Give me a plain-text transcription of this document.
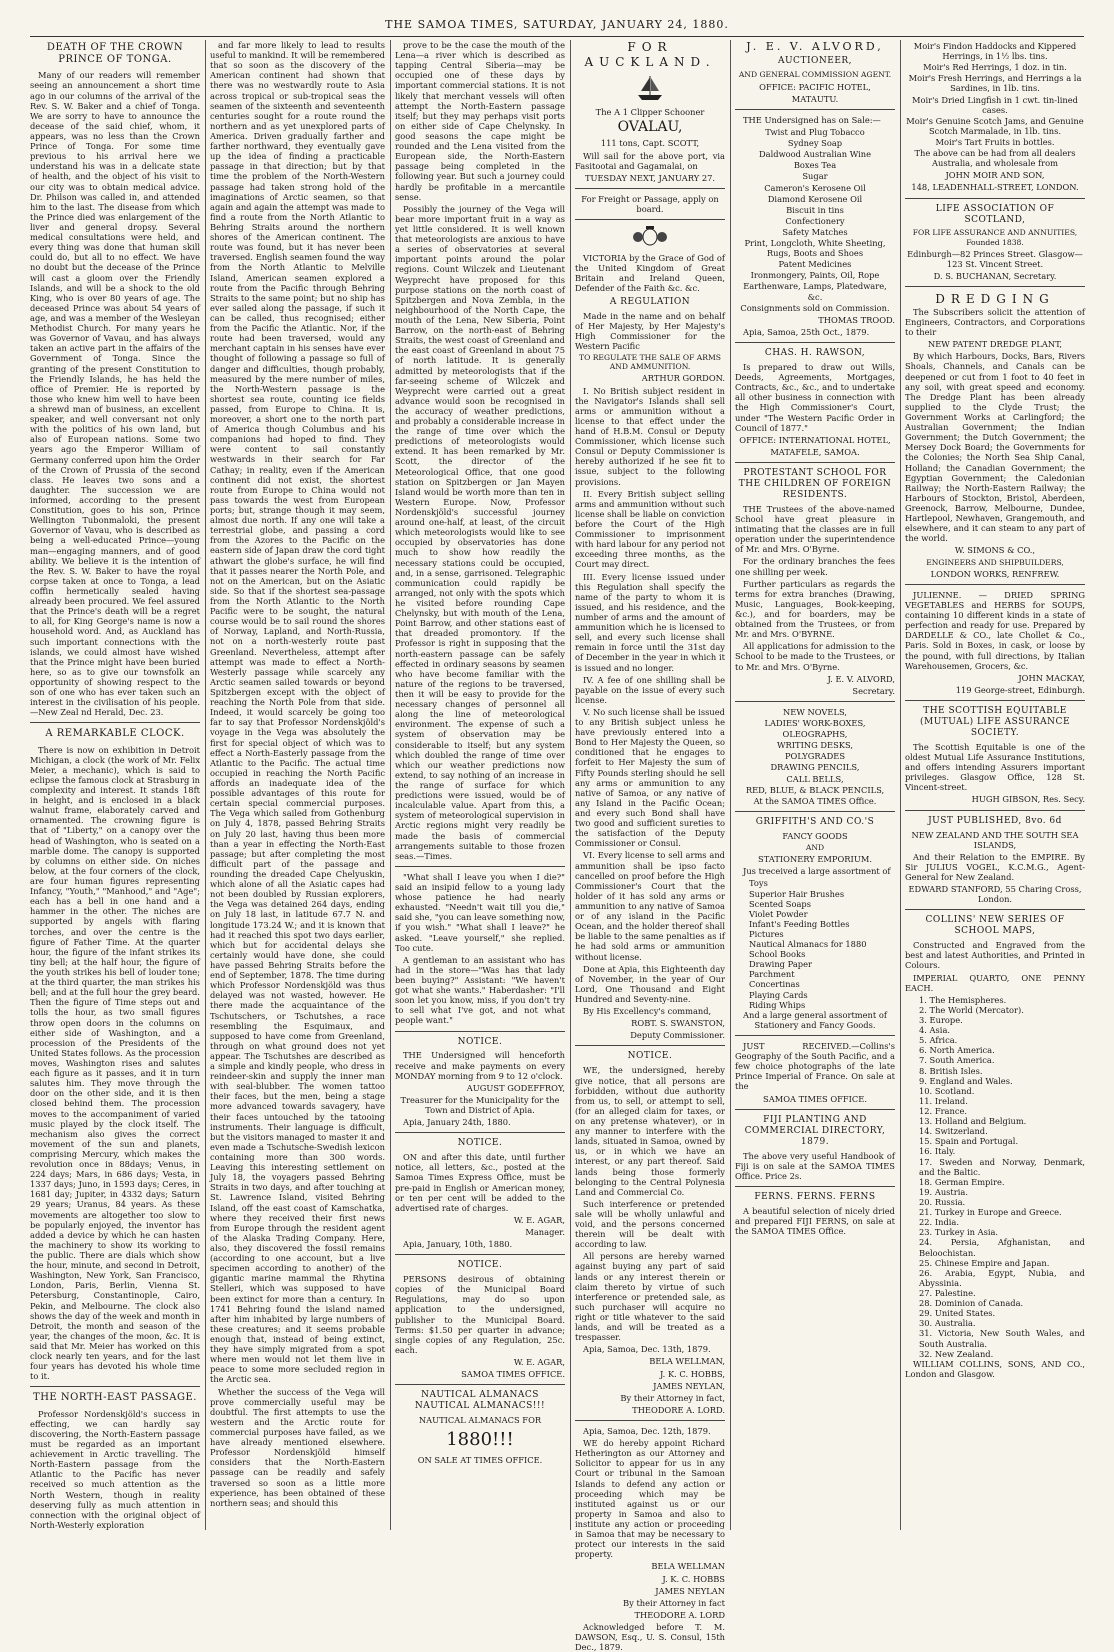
THE SAMOA TIMES, SATURDAY, JANUARY 24, 1880.
DEATH OF THE CROWN PRINCE OF TONGA.

Many of our readers will remember seeing an announcement a short time ago in our columns of the arrival of the Rev. S. W. Baker and a chief of Tonga. We are sorry to have to announce the decease of the said chief, whom, it appears, was no less than the Crown Prince of Tonga. For some time previous to his arrival here we understand his was in a delicate state of health, and the object of his visit to our city was to obtain medical advice. Dr. Philson was called in, and attended him to the last. The disease from which the Prince died was enlargement of the liver and general dropsy. Several medical consultations were held, and every thing was done that human skill could do, but all to no effect. We have no doubt but the decease of the Prince will cast a gloom over the Friendly Islands, and will be a shock to the old King, who is over 80 years of age. The deceased Prince was about 54 years of age, and was a member of the Wesleyan Methodist Church. For many years he was Governor of Vavau, and has always taken an active part in the affairs of the Government of Tonga. Since the granting of the present Constitution to the Friendly Islands, he has held the office of Premier. He is reported by those who knew him well to have been a shrewd man of business, an excellent speaker, and well conversant not only with the politics of his own land, but also of European nations. Some two years ago the Emperor William of Germany conferred upon him the Order of the Crown of Prussia of the second class. He leaves two sons and a daughter. The succession we are informed, according to the present Constitution, goes to his son, Prince Wellington Tubonmaloki, the present Governor of Vavau, who is described as being a well-educated Prince—young man—engaging manners, and of good ability. We believe it is the intention of the Rev. S. W. Baker to have the royal corpse taken at once to Tonga, a lead coffin hermetically sealed having already been procured. We feel assured that the Prince's death will be a regret to all, for King George's name is now a household word. And, as Auckland has such important connections with the islands, we could almost have wished that the Prince might have been buried here, so as to give our townsfolk an opportunity of showing respect to the son of one who has ever taken such an interest in the civilisation of his people.—New Zeal nd Herald, Dec. 23.

A REMARKABLE CLOCK.

There is now on exhibition in Detroit Michigan, a clock (the work of Mr. Felix Meier, a mechanic), which is said to eclipse the famous clock at Strasburg in complexity and interest. It stands 18ft in height, and is enclosed in a black walnut frame, elaborately carved and ornamented. The crowning figure is that of "Liberty," on a canopy over the head of Washington, who is seated on a marble dome. The canopy is supported by columns on either side. On niches below, at the four corners of the clock, are four human figures representing Infancy, "Youth," "Manhood," and "Age"; each has a bell in one hand and a hammer in the other. The niches are supported by angels with flaring torches, and over the centre is the figure of Father Time. At the quarter hour, the figure of the infant strikes its tiny bell; at the half hour, the figure of the youth strikes his bell of louder tone; at the third quarter, the man strikes his bell; and at the full hour the grey beard. Then the figure of Time steps out and tolls the hour, as two small figures throw open doors in the columns on either side of Washington, and a procession of the Presidents of the United States follows. As the procession moves, Washington rises and salutes each figure as it passes, and it in turn salutes him. They move through the door on the other side, and it is then closed behind them. The procession moves to the accompaniment of varied music played by the clock itself. The mechanism also gives the correct movement of the sun and planets, comprising Mercury, which makes the revolution once in 88days; Venus, in 224 days; Mars, in 686 days; Vesta, in 1337 days; Juno, in 1593 days; Ceres, in 1681 day; Jupiter, in 4332 days; Saturn 29 years; Uranus, 84 years. As these movements are altogether too slow to be popularly enjoyed, the inventor has added a device by which he can hasten the machinery to show its working to the public. There are dials which show the hour, minute, and second in Detroit, Washington, New York, San Francisco, London, Paris, Berlin, Vienna St. Petersburg, Constantinople, Cairo, Pekin, and Melbourne. The clock also shows the day of the week and month in Detroit, the month and season of the year, the changes of the moon, &c. It is said that Mr. Meier has worked on this clock nearly ten years, and for the last four years has devoted his whole time to it.

THE NORTH-EAST PASSAGE.

Professor Nordenskjöld's success in effecting, we can hardly say discovering, the North-Eastern passage must be regarded as an important achievement in Arctic travelling. The North-Eastern passage from the Atlantic to the Pacific has never received so much attention as the North Western, though in reality deserving fully as much attention in connection with the original object of North-Westerly exploration

and far more likely to lead to results useful to mankind. It will be remembered that so soon as the discovery of the American continent had shown that there was no westwardly route to Asia across tropical or sub-tropical seas the seamen of the sixteenth and seventeenth centuries sought for a route round the northern and as yet unexplored parts of America. Driven gradually farther and farther northward, they eventually gave up the idea of finding a practicable passage in that direction; but by that time the problem of the North-Western passage had taken strong hold of the imaginations of Arctic seamen, so that again and again the attempt was made to find a route from the North Atlantic to Behring Straits around the northern shores of the American continent. The route was found, but it has never been traversed. English seamen found the way from the North Atlantic to Melville Island, American seamen explored a route from the Pacific through Behring Straits to the same point; but no ship has ever sailed along the passage, if such it can be called, thus recognised; either from the Pacific the Atlantic. Nor, if the route had been traversed, would any merchant captain in his senses have ever thought of following a passage so full of danger and difficulties, though probably, measured by the mere number of miles, the North-Western passage is the shortest sea route, counting ice fields passed, from Europe to China. It is, moreover, a short one to the north part of America though Columbus and his companions had hoped to find. They were content to sail constantly westwards in their search for Far Cathay; in reality, even if the American continent did not exist, the shortest route from Europe to China would not pass towards the west from European ports; but, strange though it may seem, almost due north. If any one will take a terrestrial globe, and passing a cord from the Azores to the Pacific on the eastern side of Japan draw the cord tight athwart the globe's surface, he will find that it passes nearer the North Pole, and not on the American, but on the Asiatic side. So that if the shortest sea-passage from the North Atlantic to the North Pacific were to be sought, the natural course would be to sail round the shores of Norway, Lapland, and North-Russia, not on a north-westerly route past Greenland. Nevertheless, attempt after attempt was made to effect a North-Westerly passage while scarcely any Arctic seamen sailed towards or beyond Spitzbergen except with the object of reaching the North Pole from that side. Indeed, it would scarcely be going too far to say that Professor Nordenskjöld's voyage in the Vega was absolutely the first for special object of which was to effect a North-Easterly passage from the Atlantic to the Pacific. The actual time occupied in reaching the North Pacific affords an inadequate idea of the possible advantages of this route for certain special commercial purposes. The Vega which sailed from Gothenburg on July 4, 1878, passed Behring Straits on July 20 last, having thus been more than a year in effecting the North-East passage; but after completing the most difficult part of the passage and rounding the dreaded Cape Chelyuskin, which alone of all the Asiatic capes had not been doubled by Russian explorers, the Vega was detained 264 days, ending on July 18 last, in latitude 67.7 N. and longitude 173.24 W.; and it is known that had it reached this spot two days earlier, which but for accidental delays she certainly would have done, she could have passed Behring Straits before the end of September, 1878. The time during which Professor Nordenskjöld was thus delayed was not wasted, however. He there made the acquaintance of the Tschutschers, or Tschutshes, a race resembling the Esquimaux, and supposed to have come from Greenland, through on what ground does not yet appear. The Tschutshes are described as a simple and kindly people, who dress in reindeer-skin and supply the inner man with seal-blubber. The women tattoo their faces, but the men, being a stage more advanced towards savagery, have their faces untouched by the tatooing instruments. Their language is difficult, but the visitors managed to master it and even made a Tschutsche-Swedish lexicon containing more than 300 words. Leaving this interesting settlement on July 18, the voyagers passed Behring Straits in two days, and after touching at St. Lawrence Island, visited Behring Island, off the east coast of Kamschatka, where they received their first news from Europe through the resident agent of the Alaska Trading Company. Here, also, they discovered the fossil remains (according to one account, but a live specimen according to another) of the gigantic marine mammal the Rhytina Stelleri, which was supposed to have been extinct for more than a century. In 1741 Behring found the island named after him inhabited by large numbers of these creatures; and it seems probable enough that, instead of being extinct, they have simply migrated from a spot where men would not let them live in peace to some more secluded region in the Arctic sea.

Whether the success of the Vega will prove commercially useful may be doubtful. The first attempts to use the western and the Arctic route for commercial purposes have failed, as we have already mentioned elsewhere. Professor Nordenskjöld himself considers that the North-Eastern passage can be readily and safely traversed so soon as a little more experience, has been obtained of these northern seas; and should this

prove to be the case the mouth of the Lena—a river which is described as tapping Central Siberia—may be occupied one of these days by important commercial stations. It is not likely that merchant vessels will often attempt the North-Eastern passage itself; but they may perhaps visit ports on either side of Cape Chelynsky. In good seasons the cape might be rounded and the Lena visited from the European side, the North-Eastern passage being completed in the following year. But such a journey could hardly be profitable in a mercantile sense.

Possibly the journey of the Vega will bear more important fruit in a way as yet little considered. It is well known that meteorologists are anxious to have a series of observatories at several important points around the polar regions. Count Wilczek and Lieutenant Weyprecht have proposed for this purpose stations on the north coast of Spitzbergen and Nova Zembla, in the neighbourhood of the North Cape, the mouth of the Lena, New Siberia, Point Barrow, on the north-east of Behring Straits, the west coast of Greenland and the east coast of Greenland in about 75 of north latitude. It is generally admitted by meteorologists that if the far-seeing scheme of Wilczek and Weyprecht were carried out a great advance would soon be recognised in the accuracy of weather predictions, and probably a considerable increase in the range of time over which the predictions of meteorologists would extend. It has been remarked by Mr. Scott, the director of the Meteorological Office, that one good station on Spitzbergen or Jan Mayen Island would be worth more than ten in Western Europe. Now, Professor Nordenskjöld's successful journey around one-half, at least, of the circuit which meteorologists would like to see occupied by observatories has done much to show how readily the necessary stations could be occupied, and, in a sense, garrisoned. Telegraphic communication could rapidly be arranged, not only with the spots which he visited before rounding Cape Chelynsky, but with mouth of the Lena, Point Barrow, and other stations east of that dreaded promontory. If the Professor is right in supposing that the north-eastern passage can be safely effected in ordinary seasons by seamen who have become familiar with the nature of the regions to be traversed, then it will be easy to provide for the necessary changes of personnel all along the line of meteorological environment. The expense of such a system of observation may be considerable to itself; but any system which doubled the range of time over which our weather predictions now extend, to say nothing of an increase in the range of surface for which predictions were issued, would be of incalculable value. Apart from this, a system of meteorological supervision in Arctic regions might very readily be made the basis of commercial arrangements suitable to those frozen seas.—Times.

"What shall I leave you when I die?" said an insipid fellow to a young lady whose patience he had nearly exhausted. "Needn't wait till you die," said she, "you can leave something now, if you wish." "What shall I leave?" he asked. "Leave yourself," she replied. Too cute.

A gentleman to an assistant who has had in the store—"Was has that lady been buying?" Assistant: "We haven't got what she wants." Haberdasher: "I'll soon let you know, miss, if you don't try to sell what I've got, and not what people want."

NOTICE.

THE Undersigned will henceforth receive and make payments on every MONDAY morning from 9 to 12 o'clock.

AUGUST GODEFFROY,

Treasurer for the Municipality for the Town and District of Apia.

Apia, January 24th, 1880.

NOTICE.

ON and after this date, until further notice, all letters, &c., posted at the Samoa Times Express Office, must be pre-paid in English or American money, or ten per cent will be added to the advertised rate of charges.

W. E. AGAR,

Manager.

Apia, January, 10th, 1880.

NOTICE.

PERSONS desirous of obtaining copies of the Municipal Board Regulations, may do so upon application to the undersigned, publisher to the Municipal Board. Terms: $1.50 per quarter in advance; single copies of any Regulation, 25c. each.

W. E. AGAR,

SAMOA TIMES OFFICE.

NAUTICAL ALMANACS NAUTICAL ALMANACS!!!

NAUTICAL ALMANACS FOR

1880!!!

ON SALE AT TIMES OFFICE.

FOR AUCKLAND.

The A 1 Clipper Schooner

OVALAU,

111 tons, Capt. SCOTT,

Will sail for the above port, via Fasitootai and Gagamalai, on

TUESDAY NEXT, JANUARY 27.

For Freight or Passage, apply on board.

VICTORIA by the Grace of God of the United Kingdom of Great Britain and Ireland Queen, Defender of the Faith &c. &c.

A REGULATION

Made in the name and on behalf of Her Majesty, by Her Majesty's High Commissioner for the Western Pacific

TO REGULATE THE SALE OF ARMS AND AMMUNITION.

ARTHUR GORDON.

I. No British subject resident in the Navigator's Islands shall sell arms or ammunition without a license to that effect under the hand of H.B.M. Consul or Deputy Commissioner, which license such Consul or Deputy Commissioner is hereby authorized if he see fit to issue, subject to the following provisions.

II. Every British subject selling arms and ammunition without such license shall be liable on conviction before the Court of the High Commissioner to imprisonment with hard labour for any period not exceeding three months, as the Court may direct.

III. Every license issued under this Regulation shall specify the name of the party to whom it is issued, and his residence, and the number of arms and the amount of ammunition which he is licensed to sell, and every such license shall remain in force until the 31st day of December in the year in which it is issued and no longer.

IV. A fee of one shilling shall be payable on the issue of every such license.

V. No such license shall be issued to any British subject unless he have previously entered into a Bond to Her Majesty the Queen, so conditioned that he engages to forfeit to Her Majesty the sum of Fifty Pounds sterling should he sell any arms or ammunition to any native of Samoa, or any native of any Island in the Pacific Ocean; and every such Bond shall have two good and sufficient sureties to the satisfaction of the Deputy Commissioner or Consul.

VI. Every license to sell arms and ammunition shall be ipso facto cancelled on proof before the High Commissioner's Court that the holder of it has sold any arms or ammunition to any native of Samoa or of any island in the Pacific Ocean, and the holder thereof shall be liable to the same penalties as if he had sold arms or ammunition without license.

Done at Apia, this Eighteenth day of November, in the year of Our Lord, One Thousand and Eight Hundred and Seventy-nine.

By His Excellency's command,

ROBT. S. SWANSTON,

Deputy Commissioner.

NOTICE.

WE, the undersigned, hereby give notice, that all persons are forbidden, without due authority from us, to sell, or attempt to sell, (for an alleged claim for taxes, or on any pretense whatever), or in any manner to interfere with the lands, situated in Samoa, owned by us, or in which we have an interest, or any part thereof. Said lands being those formerly belonging to the Central Polynesia Land and Commercial Co.

Such interference or pretended sale will be wholly unlawful and void, and the persons concerned therein will be dealt with according to law.

All persons are hereby warned against buying any part of said lands or any interest therein or claim thereto by virtue of such interference or pretended sale, as such purchaser will acquire no right or title whatever to the said lands, and will be treated as a trespasser.

Apia, Samoa, Dec. 13th, 1879.

BELA WELLMAN,

J. K. C. HOBBS,

JAMES NEYLAN,

By their Attorney in fact,

THEODORE A. LORD.

Apia, Samoa, Dec. 12th, 1879.

WE do hereby appoint Richard Hetherington as our Attorney and Solicitor to appear for us in any Court or tribunal in the Samoan Islands to defend any action or proceeding which may be instituted against us or our property in Samoa and also to institute any action or proceeding in Samoa that may be necessary to protect our interests in the said property.

BELA WELLMAN

J. K. C. HOBBS

JAMES NEYLAN

By their Attorney in fact

THEODORE A. LORD

Acknowledged before T. M. DAWSON, Esq., U. S. Consul, 15th Dec., 1879.

J. E. V. ALVORD,
AUCTIONEER,

AND GENERAL COMMISSION AGENT.

OFFICE: PACIFIC HOTEL,

MATAUTU.

THE Undersigned has on Sale:—

Twist and Plug Tobacco
Sydney Soap
Daldwood Australian Wine
Boxes Tea
Sugar
Cameron's Kerosene Oil
Diamond Kerosene Oil
Biscuit in tins
Confectionery
Safety Matches
Print, Longcloth, White Sheeting, Rugs, Boots and Shoes
Patent Medicines
Ironmongery, Paints, Oil, Rope
Earthenware, Lamps, Platedware, &c.

Consignments sold on Commission.

THOMAS TROOD.

Apia, Samoa, 25th Oct., 1879.

CHAS. H. RAWSON,

Is prepared to draw out Wills, Deeds, Agreements, Mortgages, Contracts, &c., &c., and to undertake all other business in connection with the High Commissioner's Court, under "The Western Pacific Order in Council of 1877."

OFFICE: INTERNATIONAL HOTEL,

MATAFELE, SAMOA.

PROTESTANT SCHOOL FOR THE CHILDREN OF FOREIGN RESIDENTS.

THE Trustees of the above-named School have great pleasure in intimating that the classes are in full operation under the superintendence of Mr. and Mrs. O'Byrne.

For the ordinary branches the fees one shilling per week.

Further particulars as regards the terms for extra branches (Drawing, Music, Languages, Book-keeping, &c.), and for boarders, may be obtained from the Trustees, or from Mr. and Mrs. O'BYRNE.

All applications for admission to the School to be made to the Trustees, or to Mr. and Mrs. O'Byrne.

J. E. V. ALVORD,

Secretary.

NEW NOVELS,
LADIES' WORK-BOXES,
OLEOGRAPHS,
WRITING DESKS,
POLYGRADES
DRAWING PENCILS,
CALL BELLS,
RED, BLUE, & BLACK PENCILS,

At the SAMOA TIMES Office.

GRIFFITH'S AND CO.'S

FANCY GOODS

AND

STATIONERY EMPORIUM.

Jus treceived a large assortment of

Toys

Superior Hair Brushes

Scented Soaps

Violet Powder

Infant's Feeding Bottles

Pictures

Nautical Almanacs for 1880

School Books

Drawing Paper

Parchment

Concertinas

Playing Cards

Riding Whips

And a large general assortment of Stationery and Fancy Goods.

JUST RECEIVED.—Collins's Geography of the South Pacific, and a few choice photographs of the late Prince Imperial of France. On sale at the

SAMOA TIMES OFFICE.

FIJI PLANTING AND COMMERCIAL DIRECTORY, 1879.

The above very useful Handbook of Fiji is on sale at the SAMOA TIMES Office. Price 2s.

FERNS. FERNS. FERNS

A beautiful selection of nicely dried and prepared FIJI FERNS, on sale at the SAMOA TIMES Office.

Moir's Findon Haddocks and Kippered Herrings, in 1½ lbs. tins.
Moir's Red Herrings, 1 doz. in tin.
Moir's Fresh Herrings, and Herrings a la Sardines, in 1lb. tins.
Moir's Dried Lingfish in 1 cwt. tin-lined cases.
Moir's Genuine Scotch Jams, and Genuine Scotch Marmalade, in 1lb. tins.
Moir's Tart Fruits in bottles.

The above can be had from all dealers Australia, and wholesale from

JOHN MOIR AND SON,

148, LEADENHALL-STREET, LONDON.

LIFE ASSOCIATION OF SCOTLAND,

FOR LIFE ASSURANCE AND ANNUITIES, Founded 1838.

Edinburgh—82 Princes Street. Glasgow—123 St. Vincent Street.

D. S. BUCHANAN, Secretary.

DREDGING

The Subscribers solicit the attention of Engineers, Contractors, and Corporations to their

NEW PATENT DREDGE PLANT,

By which Harbours, Docks, Bars, Rivers Shoals, Channels, and Canals can be deepened or cut from 1 foot to 40 feet in any soil, with great speed and economy. The Dredge Plant has been already supplied to the Clyde Trust; the Government Works at Carlingford; the Australian Government; the Indian Government; the Dutch Government; the Mersey Dock Board; the Governments for the Colonies; the North Sea Ship Canal, Holland; the Canadian Government; the Egyptian Government; the Caledonian Railway; the North-Eastern Railway; the Harbours of Stockton, Bristol, Aberdeen, Greenock, Barrow, Melbourne, Dundee, Hartlepool, Newhaven, Grangemouth, and elsewhere, and it can steam to any part of the world.

W. SIMONS & CO.,

ENGINEERS AND SHIPBUILDERS,

LONDON WORKS, RENFREW.

JULIENNE. — DRIED SPRING VEGETABLES and HERBS for SOUPS, containing 10 different kinds in a state of perfection and ready for use. Prepared by DARDELLE & CO., late Chollet & Co., Paris. Sold in Boxes, in cask, or loose by the pound, with full directions, by Italian Warehousemen, Grocers, &c.

JOHN MACKAY,

119 George-street, Edinburgh.

THE SCOTTISH EQUITABLE (MUTUAL) LIFE ASSURANCE SOCIETY.

The Scottish Equitable is one of the oldest Mutual Life Assurance Institutions, and offers intending Assurers important privileges. Glasgow Office, 128 St. Vincent-street.

HUGH GIBSON, Res. Secy.

JUST PUBLISHED, 8vo. 6d

NEW ZEALAND AND THE SOUTH SEA ISLANDS,

And their Relation to the EMPIRE. By Sir JULIUS VOGEL, K.C.M.G., Agent-General for New Zealand.

EDWARD STANFORD, 55 Charing Cross, London.

COLLINS' NEW SERIES OF SCHOOL MAPS,

Constructed and Engraved from the best and latest Authorities, and Printed in Colours.

IMPERIAL QUARTO, ONE PENNY EACH.

1. The Hemispheres.

2. The World (Mercator).

3. Europe.

4. Asia.

5. Africa.

6. North America.

7. South America.

8. British Isles.

9. England and Wales.

10. Scotland.

11. Ireland.

12. France.

13. Holland and Belgium.

14. Switzerland.

15. Spain and Portugal.

16. Italy.

17. Sweden and Norway, Denmark, and the Baltic.

18. German Empire.

19. Austria.

20. Russia.

21. Turkey in Europe and Greece.

22. India.

23. Turkey in Asia.

24. Persia, Afghanistan, and Beloochistan.

25. Chinese Empire and Japan.

26. Arabia, Egypt, Nubia, and Abyssinia.

27. Palestine.

28. Dominion of Canada.

29. United States.

30. Australia.

31. Victoria, New South Wales, and South Australia.

32. New Zealand.

WILLIAM COLLINS, SONS, AND CO., London and Glasgow.
